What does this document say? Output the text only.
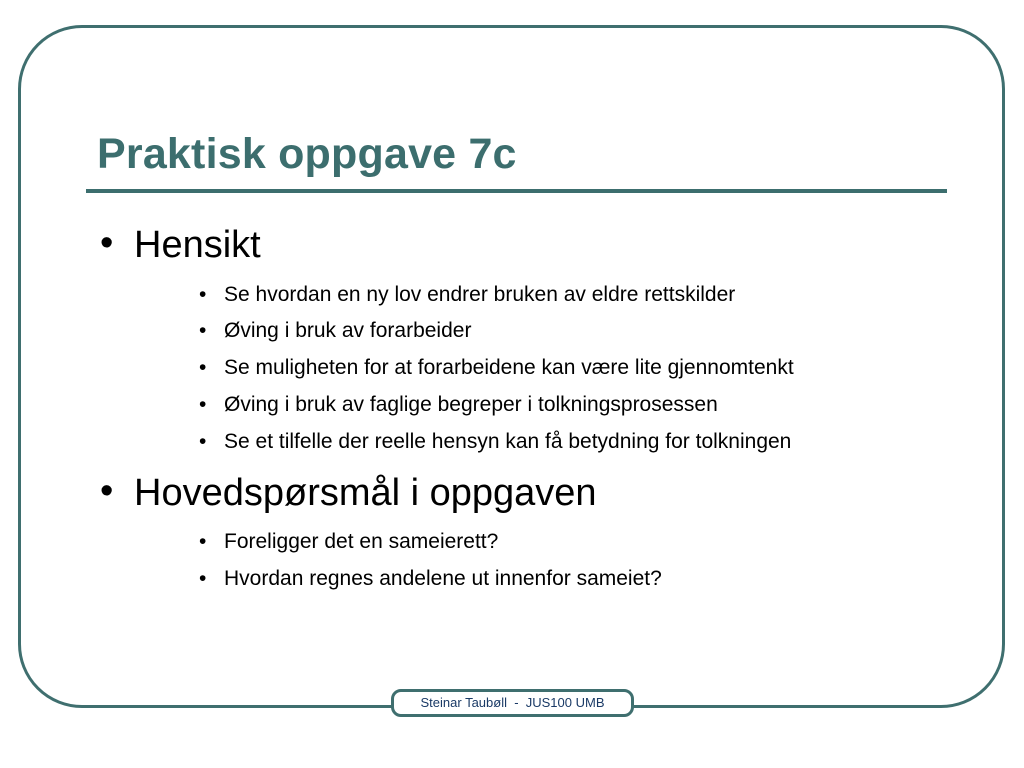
Praktisk oppgave 7c
• Hensikt
• Se hvordan en ny lov endrer bruken av eldre rettskilder
• Øving i bruk av forarbeider
• Se muligheten for at forarbeidene kan være lite gjennomtenkt
• Øving i bruk av faglige begreper i tolkningsprosessen
• Se et tilfelle der reelle hensyn kan få betydning for tolkningen
• Hovedspørsmål i oppgaven
• Foreligger det en sameierett?
• Hvordan regnes andelene ut innenfor sameiet?
Steinar Taubøll  -  JUS100 UMB
